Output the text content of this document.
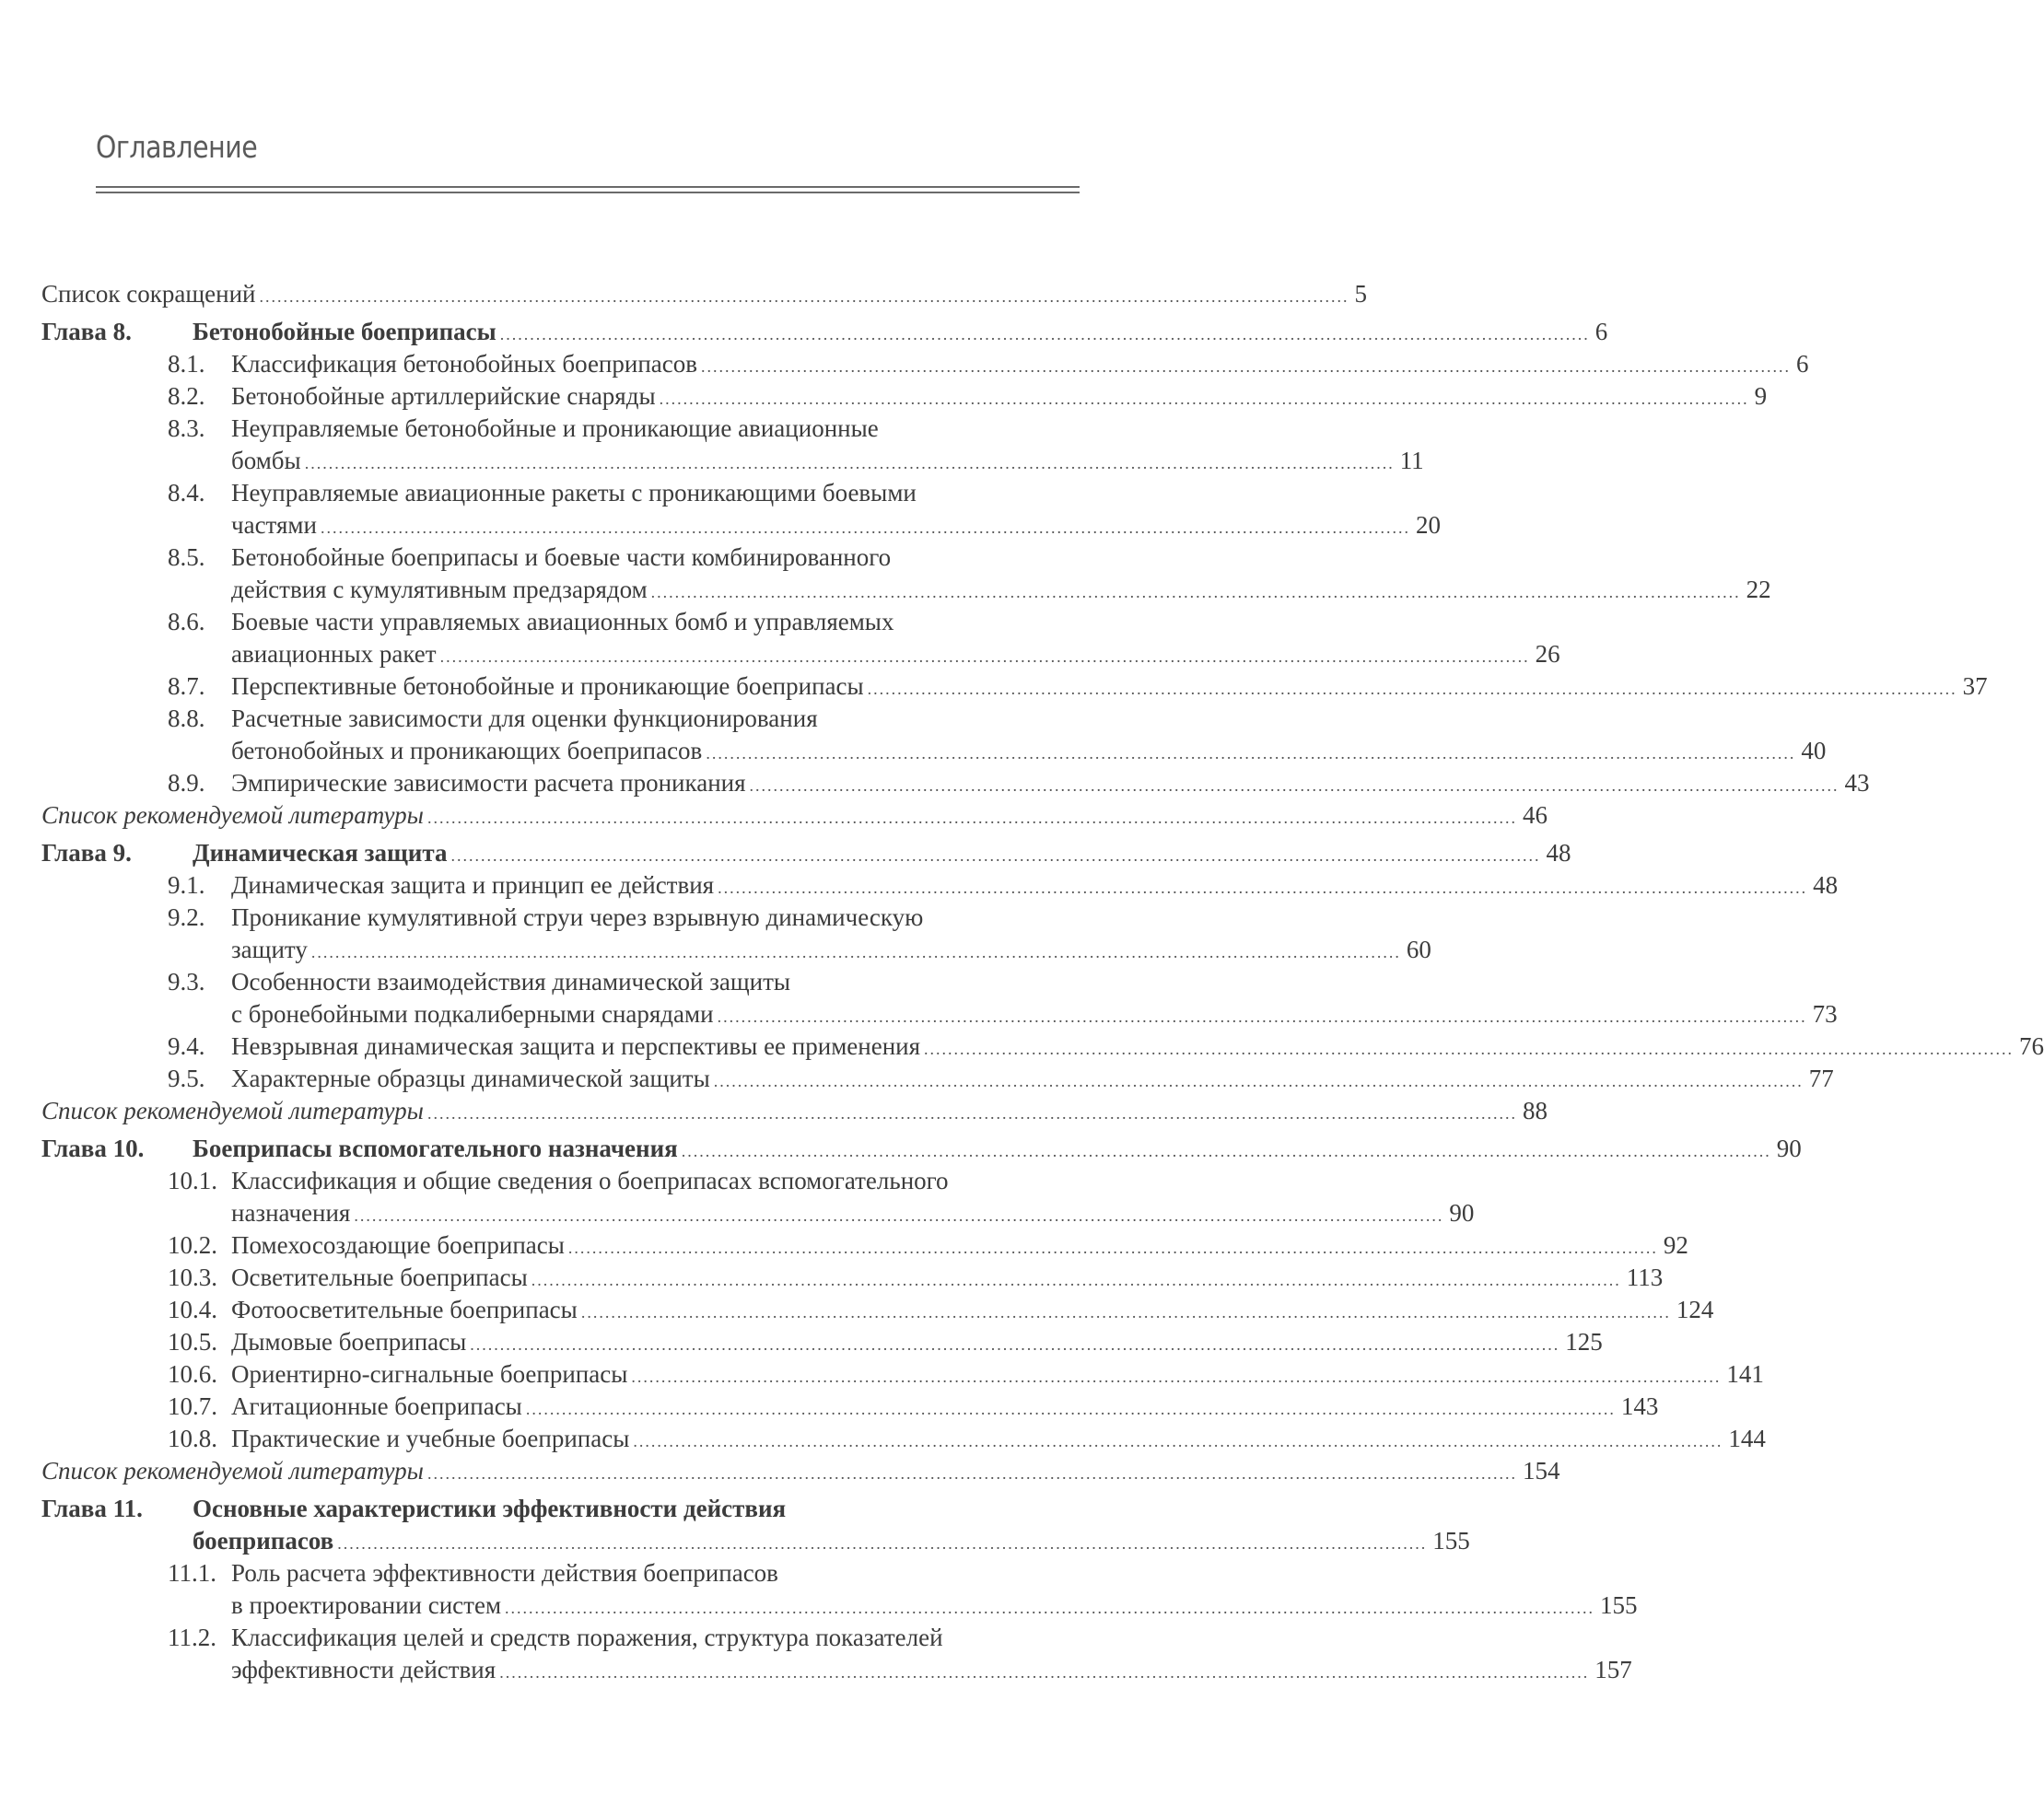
Оглавление
Список сокращений ...................................................................................................................................................................................... 5
Глава 8. Бетонобойные боеприпасы ...................................................................................................................................................................................... 6
8.1. Классификация бетонобойных боеприпасов ...................................................................................................................................................................................... 6
8.2. Бетонобойные артиллерийские снаряды ...................................................................................................................................................................................... 9
8.3. Неуправляемые бетонобойные и проникающие авиационные
бомбы ...................................................................................................................................................................................... 11
8.4. Неуправляемые авиационные ракеты с проникающими боевыми
частями ...................................................................................................................................................................................... 20
8.5. Бетонобойные боеприпасы и боевые части комбинированного
действия с кумулятивным предзарядом ...................................................................................................................................................................................... 22
8.6. Боевые части управляемых авиационных бомб и управляемых
авиационных ракет ...................................................................................................................................................................................... 26
8.7. Перспективные бетонобойные и проникающие боеприпасы ...................................................................................................................................................................................... 37
8.8. Расчетные зависимости для оценки функционирования
бетонобойных и проникающих боеприпасов ...................................................................................................................................................................................... 40
8.9. Эмпирические зависимости расчета проникания ...................................................................................................................................................................................... 43
Список рекомендуемой литературы ...................................................................................................................................................................................... 46
Глава 9. Динамическая защита ...................................................................................................................................................................................... 48
9.1. Динамическая защита и принцип ее действия ...................................................................................................................................................................................... 48
9.2. Проникание кумулятивной струи через взрывную динамическую
защиту ...................................................................................................................................................................................... 60
9.3. Особенности взаимодействия динамической защиты
с бронебойными подкалиберными снарядами ...................................................................................................................................................................................... 73
9.4. Невзрывная динамическая защита и перспективы ее применения ...................................................................................................................................................................................... 76
9.5. Характерные образцы динамической защиты ...................................................................................................................................................................................... 77
Список рекомендуемой литературы ...................................................................................................................................................................................... 88
Глава 10. Боеприпасы вспомогательного назначения ...................................................................................................................................................................................... 90
10.1. Классификация и общие сведения о боеприпасах вспомогательного
назначения ...................................................................................................................................................................................... 90
10.2. Помехосоздающие боеприпасы ...................................................................................................................................................................................... 92
10.3. Осветительные боеприпасы ...................................................................................................................................................................................... 113
10.4. Фотоосветительные боеприпасы ...................................................................................................................................................................................... 124
10.5. Дымовые боеприпасы ...................................................................................................................................................................................... 125
10.6. Ориентирно-сигнальные боеприпасы ...................................................................................................................................................................................... 141
10.7. Агитационные боеприпасы ...................................................................................................................................................................................... 143
10.8. Практические и учебные боеприпасы ...................................................................................................................................................................................... 144
Список рекомендуемой литературы ...................................................................................................................................................................................... 154
Глава 11. Основные характеристики эффективности действия
боеприпасов ...................................................................................................................................................................................... 155
11.1. Роль расчета эффективности действия боеприпасов
в проектировании систем ...................................................................................................................................................................................... 155
11.2. Классификация целей и средств поражения, структура показателей
эффективности действия ...................................................................................................................................................................................... 157
